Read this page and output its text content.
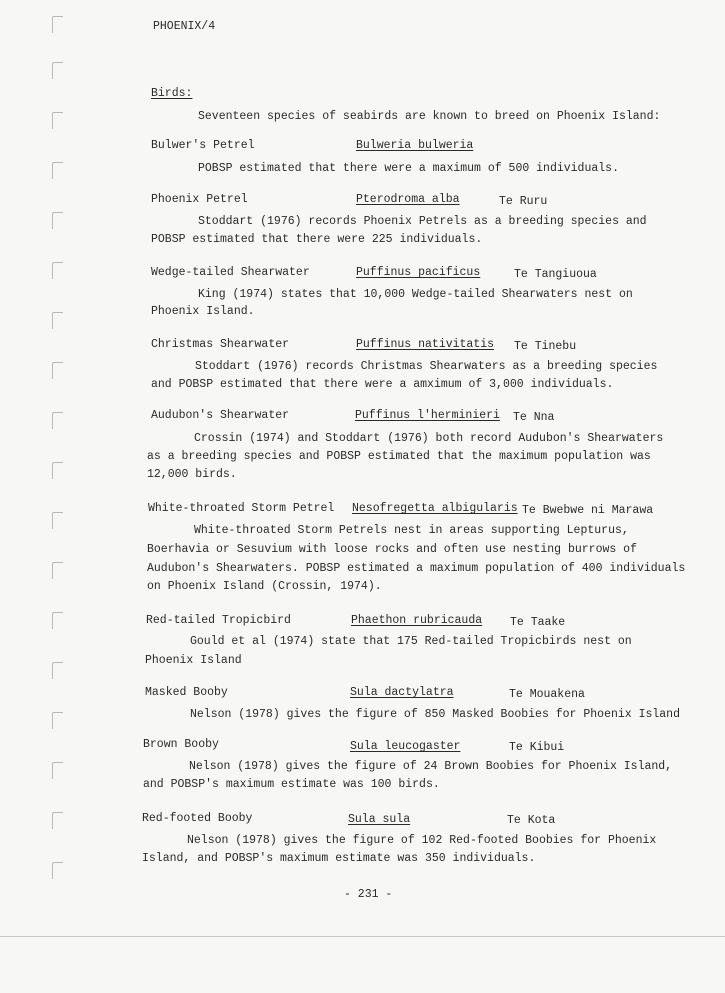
PHOENIX/4
Birds:
Seventeen species of seabirds are known to breed on Phoenix Island:
Bulwer's Petrel	Bulweria bulweria
POBSP estimated that there were a maximum of 500 individuals.
Phoenix Petrel	Pterodroma alba	Te Ruru
Stoddart (1976) records Phoenix Petrels as a breeding species and
POBSP estimated that there were 225 individuals.
Wedge-tailed Shearwater	Puffinus pacificus	Te Tangiuoua
King (1974) states that 10,000 Wedge-tailed Shearwaters nest on
Phoenix Island.
Christmas Shearwater	Puffinus nativitatis Te Tinebu
Stoddart (1976) records Christmas Shearwaters as a breeding species
and POBSP estimated that there were a amximum of 3,000 individuals.
Audubon's Shearwater	Puffinus l'herminieri Te Nna
Crossin (1974) and Stoddart (1976) both record Audubon's Shearwaters
as a breeding species and POBSP estimated that the maximum population was
12,000 birds.
White-throated Storm Petrel Nesofregetta albigularis Te Bwebwe ni Marawa
White-throated Storm Petrels nest in areas supporting Lepturus,
Boerhavia or Sesuvium with loose rocks and often use nesting burrows of
Audubon's Shearwaters. POBSP estimated a maximum population of 400 individuals
on Phoenix Island (Crossin, 1974).
Red-tailed Tropicbird	Phaethon rubricauda Te Taake
Gould et al (1974) state that 175 Red-tailed Tropicbirds nest on
Phoenix Island
Masked Booby	Sula dactylatra	Te Mouakena
Nelson (1978) gives the figure of 850 Masked Boobies for Phoenix Island
Brown Booby	Sula leucogaster	Te Kibui
Nelson (1978) gives the figure of 24 Brown Boobies for Phoenix Island,
and POBSP's maximum estimate was 100 birds.
Red-footed Booby	Sula sula	Te Kota
Nelson (1978) gives the figure of 102 Red-footed Boobies for Phoenix
Island, and POBSP's maximum estimate was 350 individuals.
- 231 -
